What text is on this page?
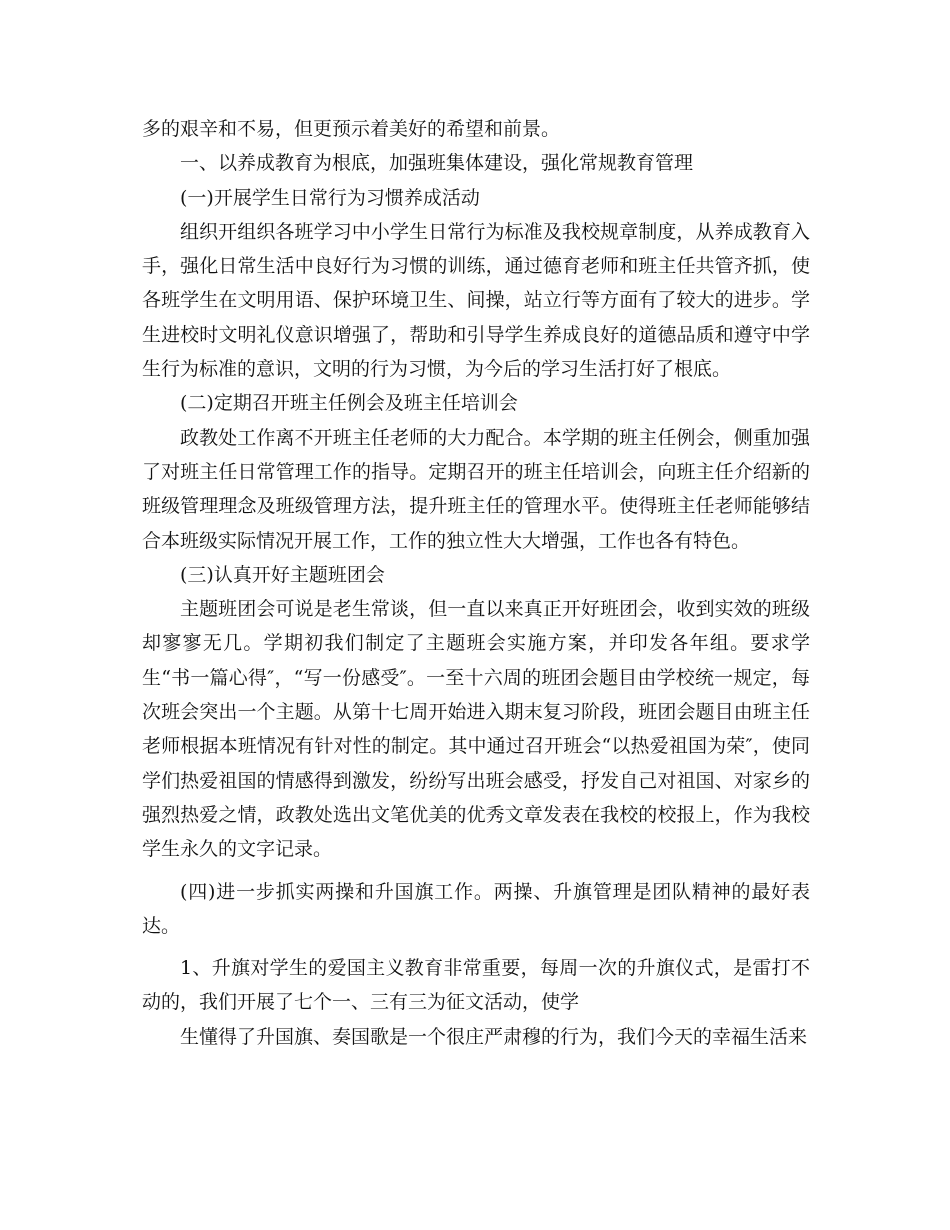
多的艰辛和不易，但更预示着美好的希望和前景。

一、以养成教育为根底，加强班集体建设，强化常规教育管理

(一)开展学生日常行为习惯养成活动

组织开组织各班学习中小学生日常行为标准及我校规章制度，从养成教育入手，强化日常生活中良好行为习惯的训练，通过德育老师和班主任共管齐抓，使各班学生在文明用语、保护环境卫生、间操，站立行等方面有了较大的进步。学生进校时文明礼仪意识增强了，帮助和引导学生养成良好的道德品质和遵守中学生行为标准的意识，文明的行为习惯，为今后的学习生活打好了根底。

(二)定期召开班主任例会及班主任培训会

政教处工作离不开班主任老师的大力配合。本学期的班主任例会，侧重加强了对班主任日常管理工作的指导。定期召开的班主任培训会，向班主任介绍新的班级管理理念及班级管理方法，提升班主任的管理水平。使得班主任老师能够结合本班级实际情况开展工作，工作的独立性大大增强，工作也各有特色。

(三)认真开好主题班团会

主题班团会可说是老生常谈，但一直以来真正开好班团会，收到实效的班级却寥寥无几。学期初我们制定了主题班会实施方案，并印发各年组。要求学生“书一篇心得″，“写一份感受″。一至十六周的班团会题目由学校统一规定，每次班会突出一个主题。从第十七周开始进入期末复习阶段，班团会题目由班主任老师根据本班情况有针对性的制定。其中通过召开班会“以热爱祖国为荣″，使同学们热爱祖国的情感得到激发，纷纷写出班会感受，抒发自己对祖国、对家乡的强烈热爱之情，政教处选出文笔优美的优秀文章发表在我校的校报上，作为我校学生永久的文字记录。

(四)进一步抓实两操和升国旗工作。两操、升旗管理是团队精神的最好表达。

1、升旗对学生的爱国主义教育非常重要，每周一次的升旗仪式，是雷打不动的，我们开展了七个一、三有三为征文活动，使学

生懂得了升国旗、奏国歌是一个很庄严肃穆的行为，我们今天的幸福生活来
